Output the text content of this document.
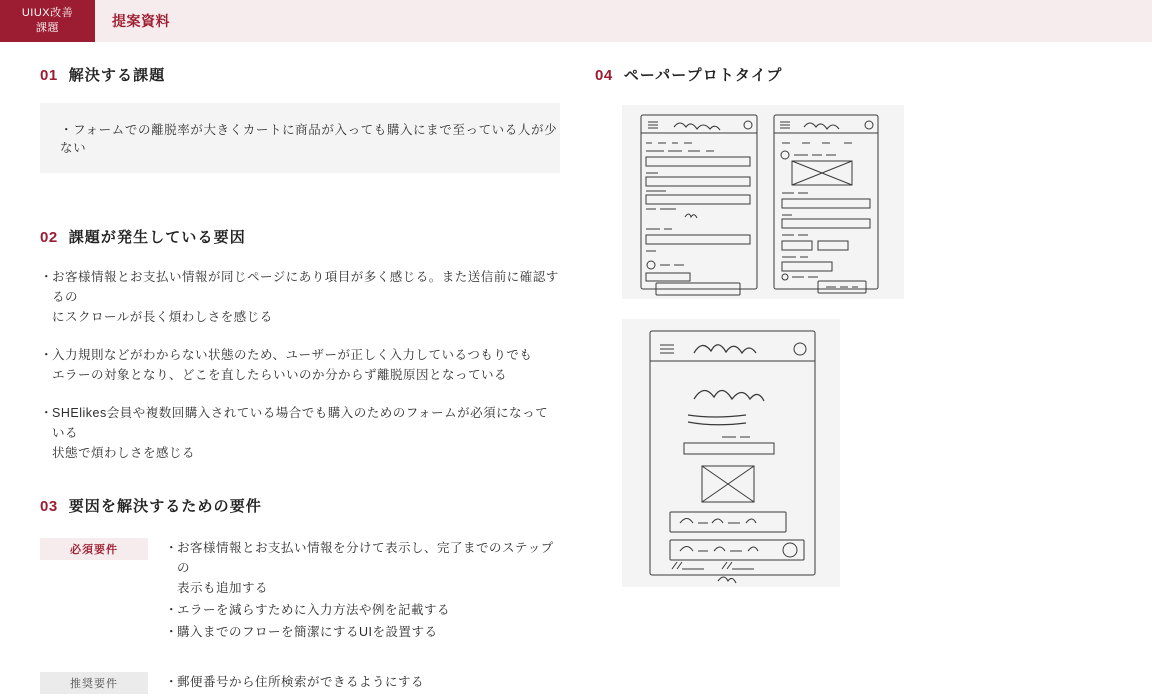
UIUX改善
課題	提案資料
01 解決する課題
・フォームでの離脱率が大きくカートに商品が入っても購入にまで至っている人が少ない
02 課題が発生している要因
・
お客様情報とお支払い情報が同じページにあり項目が多く感じる。また送信前に確認するの
にスクロールが長く煩わしさを感じる
・
入力規則などがわからない状態のため、ユーザーが正しく入力しているつもりでも
エラーの対象となり、どこを直したらいいのか分からず離脱原因となっている
・
SHElikes会員や複数回購入されている場合でも購入のためのフォームが必須になっている
状態で煩わしさを感じる
03 要因を解決するための要件
必須要件	・
お客様情報とお支払い情報を分けて表示し、完了までのステップの
表示も追加する
・
エラーを減らすために入力方法や例を記載する
・
購入までのフローを簡潔にするUIを設置する
推奨要件	・
郵便番号から住所検索ができるようにする
04 ペーパープロトタイプ
